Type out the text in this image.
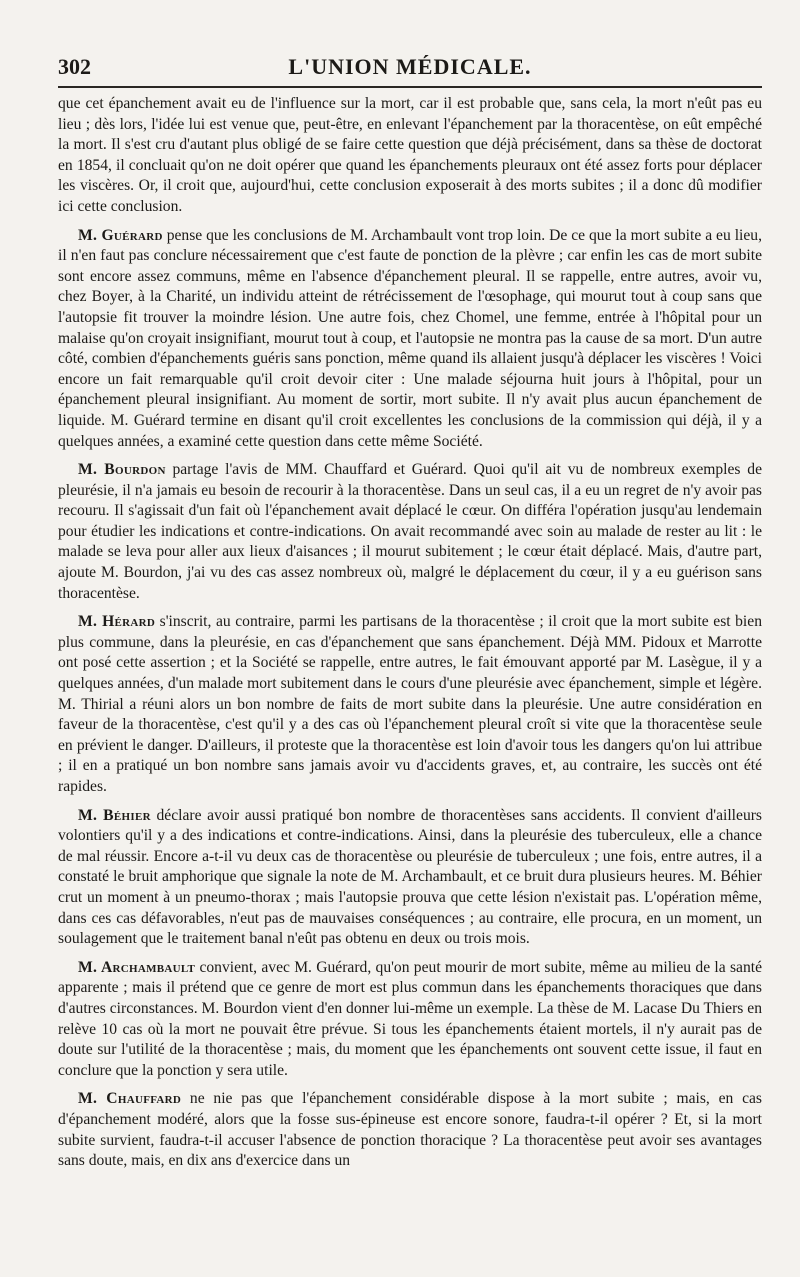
302	L'UNION MÉDICALE.

que cet épanchement avait eu de l'influence sur la mort, car il est probable que, sans cela, la mort n'eût pas eu lieu ; dès lors, l'idée lui est venue que, peut-être, en enlevant l'épanchement par la thoracentèse, on eût empêché la mort. Il s'est cru d'autant plus obligé de se faire cette question que déjà précisément, dans sa thèse de doctorat en 1854, il concluait qu'on ne doit opérer que quand les épanchements pleuraux ont été assez forts pour déplacer les viscères. Or, il croit que, aujourd'hui, cette conclusion exposerait à des morts subites ; il a donc dû modifier ici cette conclusion.

M. Guérard pense que les conclusions de M. Archambault vont trop loin. De ce que la mort subite a eu lieu, il n'en faut pas conclure nécessairement que c'est faute de ponction de la plèvre ; car enfin les cas de mort subite sont encore assez communs, même en l'absence d'épanchement pleural. Il se rappelle, entre autres, avoir vu, chez Boyer, à la Charité, un individu atteint de rétrécissement de l'œsophage, qui mourut tout à coup sans que l'autopsie fit trouver la moindre lésion. Une autre fois, chez Chomel, une femme, entrée à l'hôpital pour un malaise qu'on croyait insignifiant, mourut tout à coup, et l'autopsie ne montra pas la cause de sa mort. D'un autre côté, combien d'épanchements guéris sans ponction, même quand ils allaient jusqu'à déplacer les viscères ! Voici encore un fait remarquable qu'il croit devoir citer : Une malade séjourna huit jours à l'hôpital, pour un épanchement pleural insignifiant. Au moment de sortir, mort subite. Il n'y avait plus aucun épanchement de liquide. M. Guérard termine en disant qu'il croit excellentes les conclusions de la commission qui déjà, il y a quelques années, a examiné cette question dans cette même Société.

M. Bourdon partage l'avis de MM. Chauffard et Guérard. Quoi qu'il ait vu de nombreux exemples de pleurésie, il n'a jamais eu besoin de recourir à la thoracentèse. Dans un seul cas, il a eu un regret de n'y avoir pas recouru. Il s'agissait d'un fait où l'épanchement avait déplacé le cœur. On différa l'opération jusqu'au lendemain pour étudier les indications et contre-indications. On avait recommandé avec soin au malade de rester au lit : le malade se leva pour aller aux lieux d'aisances ; il mourut subitement ; le cœur était déplacé. Mais, d'autre part, ajoute M. Bourdon, j'ai vu des cas assez nombreux où, malgré le déplacement du cœur, il y a eu guérison sans thoracentèse.

M. Hérard s'inscrit, au contraire, parmi les partisans de la thoracentèse ; il croit que la mort subite est bien plus commune, dans la pleurésie, en cas d'épanchement que sans épanchement. Déjà MM. Pidoux et Marrotte ont posé cette assertion ; et la Société se rappelle, entre autres, le fait émouvant apporté par M. Lasègue, il y a quelques années, d'un malade mort subitement dans le cours d'une pleurésie avec épanchement, simple et légère. M. Thirial a réuni alors un bon nombre de faits de mort subite dans la pleurésie. Une autre considération en faveur de la thoracentèse, c'est qu'il y a des cas où l'épanchement pleural croît si vite que la thoracentèse seule en prévient le danger. D'ailleurs, il proteste que la thoracentèse est loin d'avoir tous les dangers qu'on lui attribue ; il en a pratiqué un bon nombre sans jamais avoir vu d'accidents graves, et, au contraire, les succès ont été rapides.

M. Béhier déclare avoir aussi pratiqué bon nombre de thoracentèses sans accidents. Il convient d'ailleurs volontiers qu'il y a des indications et contre-indications. Ainsi, dans la pleurésie des tuberculeux, elle a chance de mal réussir. Encore a-t-il vu deux cas de thoracentèse ou pleurésie de tuberculeux ; une fois, entre autres, il a constaté le bruit amphorique que signale la note de M. Archambault, et ce bruit dura plusieurs heures. M. Béhier crut un moment à un pneumo-thorax ; mais l'autopsie prouva que cette lésion n'existait pas. L'opération même, dans ces cas défavorables, n'eut pas de mauvaises conséquences ; au contraire, elle procura, en un moment, un soulagement que le traitement banal n'eût pas obtenu en deux ou trois mois.

M. Archambault convient, avec M. Guérard, qu'on peut mourir de mort subite, même au milieu de la santé apparente ; mais il prétend que ce genre de mort est plus commun dans les épanchements thoraciques que dans d'autres circonstances. M. Bourdon vient d'en donner lui-même un exemple. La thèse de M. Lacase Du Thiers en relève 10 cas où la mort ne pouvait être prévue. Si tous les épanchements étaient mortels, il n'y aurait pas de doute sur l'utilité de la thoracentèse ; mais, du moment que les épanchements ont souvent cette issue, il faut en conclure que la ponction y sera utile.

M. Chauffard ne nie pas que l'épanchement considérable dispose à la mort subite ; mais, en cas d'épanchement modéré, alors que la fosse sus-épineuse est encore sonore, faudra-t-il opérer ? Et, si la mort subite survient, faudra-t-il accuser l'absence de ponction thoracique ? La thoracentèse peut avoir ses avantages sans doute, mais, en dix ans d'exercice dans un
